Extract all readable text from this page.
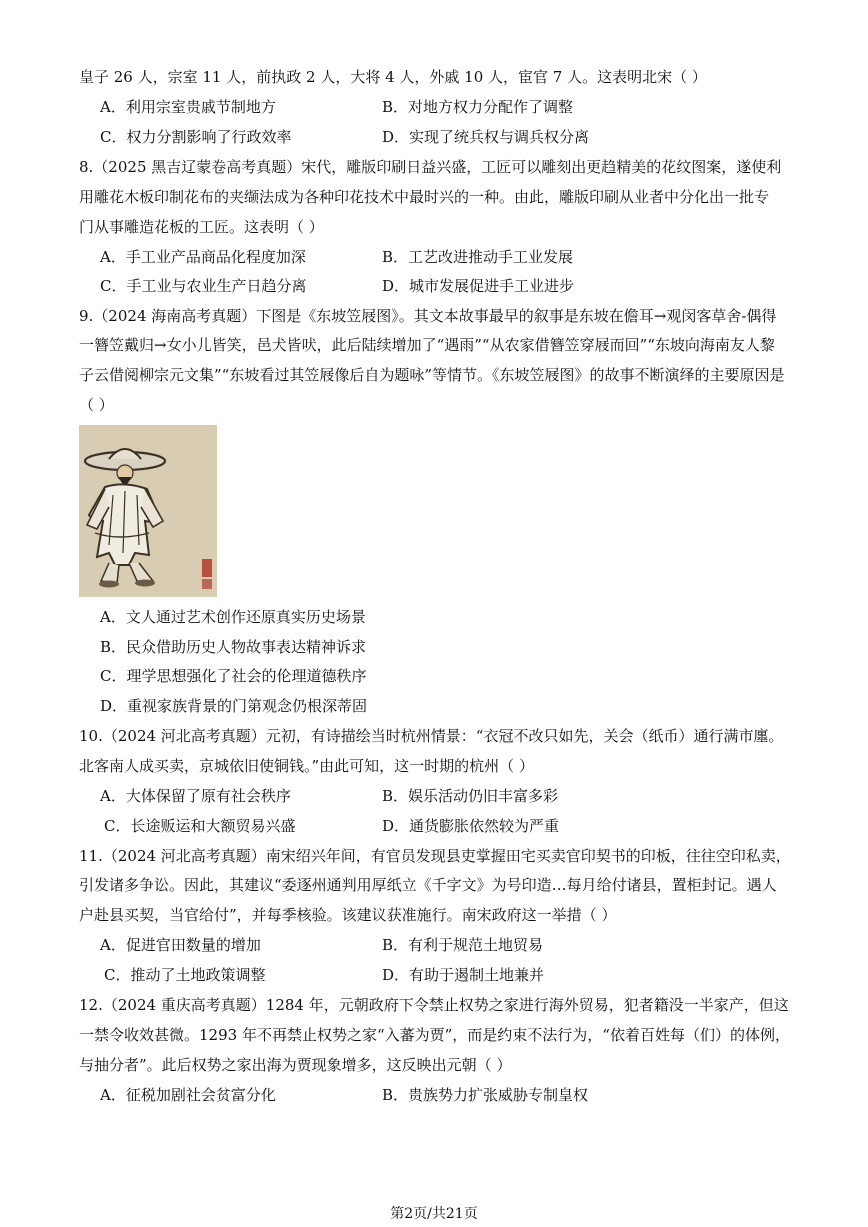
皇子 26 人，宗室 11 人，前执政 2 人，大将 4 人，外戚 10 人，宦官 7 人。这表明北宋（ ）
A．利用宗室贵戚节制地方	B．对地方权力分配作了调整
C．权力分割影响了行政效率	D．实现了统兵权与调兵权分离
8.（2025 黑吉辽蒙卷高考真题）宋代，雕版印刷日益兴盛，工匠可以雕刻出更趋精美的花纹图案，遂使利
用雕花木板印制花布的夹缬法成为各种印花技术中最时兴的一种。由此，雕版印刷从业者中分化出一批专
门从事雕造花板的工匠。这表明（ ）
A．手工业产品商品化程度加深	B．工艺改进推动手工业发展
C．手工业与农业生产日趋分离	D．城市发展促进手工业进步
9.（2024 海南高考真题）下图是《东坡笠屐图》。其文本故事最早的叙事是东坡在儋耳→观闵客草舍-偶得
一簪笠戴归→女小儿皆笑，邑犬皆吠，此后陆续增加了“遇雨”“从农家借簪笠穿屐而回”“东坡向海南友人黎
子云借阅柳宗元文集”“东坡看过其笠屐像后自为题咏”等情节。《东坡笠屐图》的故事不断演绎的主要原因是
（ ）
A．文人通过艺术创作还原真实历史场景
B．民众借助历史人物故事表达精神诉求
C．理学思想强化了社会的伦理道德秩序
D．重视家族背景的门第观念仍根深蒂固
10.（2024 河北高考真题）元初，有诗描绘当时杭州情景：“衣冠不改只如先，关会（纸币）通行满市廛。
北客南人成买卖，京城依旧使铜钱。”由此可知，这一时期的杭州（ ）
A．大体保留了原有社会秩序	B．娱乐活动仍旧丰富多彩
C．长途贩运和大额贸易兴盛	D．通货膨胀依然较为严重
11.（2024 河北高考真题）南宋绍兴年间，有官员发现县吏掌握田宅买卖官印契书的印板，往往空印私卖，
引发诸多争讼。因此，其建议“委逐州通判用厚纸立《千字文》为号印造…每月给付诸县，置柜封记。遇人
户赴县买契，当官给付”，并每季核验。该建议获准施行。南宋政府这一举措（ ）
A．促进官田数量的增加	B．有利于规范土地贸易
C．推动了土地政策调整	D．有助于遏制土地兼并
12.（2024 重庆高考真题）1284 年，元朝政府下令禁止权势之家进行海外贸易，犯者籍没一半家产，但这
一禁令收效甚微。1293 年不再禁止权势之家“入蕃为贾”，而是约束不法行为，“依着百姓每（们）的体例，
与抽分者”。此后权势之家出海为贾现象增多，这反映出元朝（ ）
A．征税加剧社会贫富分化	B．贵族势力扩张威胁专制皇权
第2页/共21页
